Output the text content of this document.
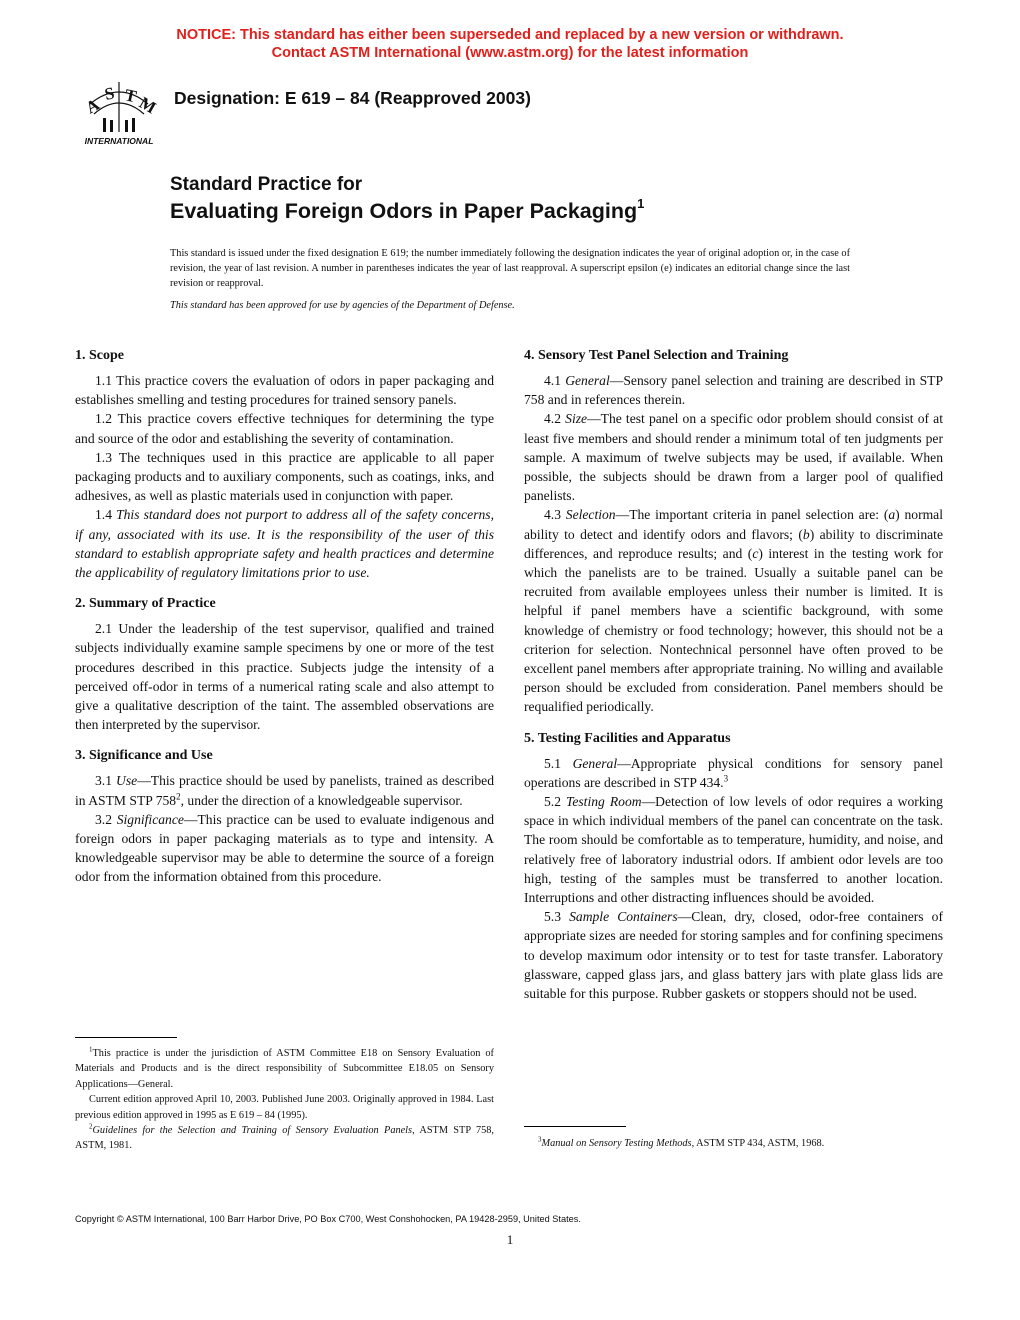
NOTICE: This standard has either been superseded and replaced by a new version or withdrawn.
Contact ASTM International (www.astm.org) for the latest information
A
S T
M
INTERNATIONAL
Designation: E 619 – 84 (Reapproved 2003)
Standard Practice for
Evaluating Foreign Odors in Paper Packaging$^1$
This standard is issued under the fixed designation E 619; the number immediately following the designation indicates the year of original adoption or, in the case of revision, the year of last revision. A number in parentheses indicates the year of last reapproval. A superscript epsilon (e) indicates an editorial change since the last revision or reapproval.
This standard has been approved for use by agencies of the Department of Defense.
1. Scope

1.1 This practice covers the evaluation of odors in paper packaging and establishes smelling and testing procedures for trained sensory panels.

1.2 This practice covers effective techniques for determining the type and source of the odor and establishing the severity of contamination.

1.3 The techniques used in this practice are applicable to all paper packaging products and to auxiliary components, such as coatings, inks, and adhesives, as well as plastic materials used in conjunction with paper.

1.4 This standard does not purport to address all of the safety concerns, if any, associated with its use. It is the responsibility of the user of this standard to establish appropriate safety and health practices and determine the applicability of regulatory limitations prior to use.

2. Summary of Practice

2.1 Under the leadership of the test supervisor, qualified and trained subjects individually examine sample specimens by one or more of the test procedures described in this practice. Subjects judge the intensity of a perceived off-odor in terms of a numerical rating scale and also attempt to give a qualitative description of the taint. The assembled observations are then interpreted by the supervisor.

3. Significance and Use

3.1 Use—This practice should be used by panelists, trained as described in ASTM STP $758^2$, under the direction of a knowledgeable supervisor.

3.2 Significance—This practice can be used to evaluate indigenous and foreign odors in paper packaging materials as to type and intensity. A knowledgeable supervisor may be able to determine the source of a foreign odor from the information obtained from this procedure.

4. Sensory Test Panel Selection and Training

4.1 General—Sensory panel selection and training are described in STP 758 and in references therein.

4.2 Size—The test panel on a specific odor problem should consist of at least five members and should render a minimum total of ten judgments per sample. A maximum of twelve subjects may be used, if available. When possible, the subjects should be drawn from a larger pool of qualified panelists.

4.3 Selection—The important criteria in panel selection are: (a) normal ability to detect and identify odors and flavors; (b) ability to discriminate differences, and reproduce results; and (c) interest in the testing work for which the panelists are to be trained. Usually a suitable panel can be recruited from available employees unless their number is limited. It is helpful if panel members have a scientific background, with some knowledge of chemistry or food technology; however, this should not be a criterion for selection. Nontechnical personnel have often proved to be excellent panel members after appropriate training. No willing and available person should be excluded from consideration. Panel members should be requalified periodically.

5. Testing Facilities and Apparatus

5.1 General—Appropriate physical conditions for sensory panel operations are described in STP 434.$^3$

5.2 Testing Room—Detection of low levels of odor requires a working space in which individual members of the panel can concentrate on the task. The room should be comfortable as to temperature, humidity, and noise, and relatively free of laboratory industrial odors. If ambient odor levels are too high, testing of the samples must be transferred to another location. Interruptions and other distracting influences should be avoided.

5.3 Sample Containers—Clean, dry, closed, odor-free containers of appropriate sizes are needed for storing samples and for confining specimens to develop maximum odor intensity or to test for taste transfer. Laboratory glassware, capped glass jars, and glass battery jars with plate glass lids are suitable for this purpose. Rubber gaskets or stoppers should not be used.

$^1$This practice is under the jurisdiction of ASTM Committee E18 on Sensory Evaluation of Materials and Products and is the direct responsibility of Subcommittee E18.05 on Sensory Applications—General.

Current edition approved April 10, 2003. Published June 2003. Originally approved in 1984. Last previous edition approved in 1995 as E 619 – 84 (1995).

$^2$Guidelines for the Selection and Training of Sensory Evaluation Panels, ASTM STP 758, ASTM, 1981.

$^3$Manual on Sensory Testing Methods, ASTM STP 434, ASTM, 1968.

Copyright © ASTM International, 100 Barr Harbor Drive, PO Box C700, West Conshohocken, PA 19428-2959, United States.
1
